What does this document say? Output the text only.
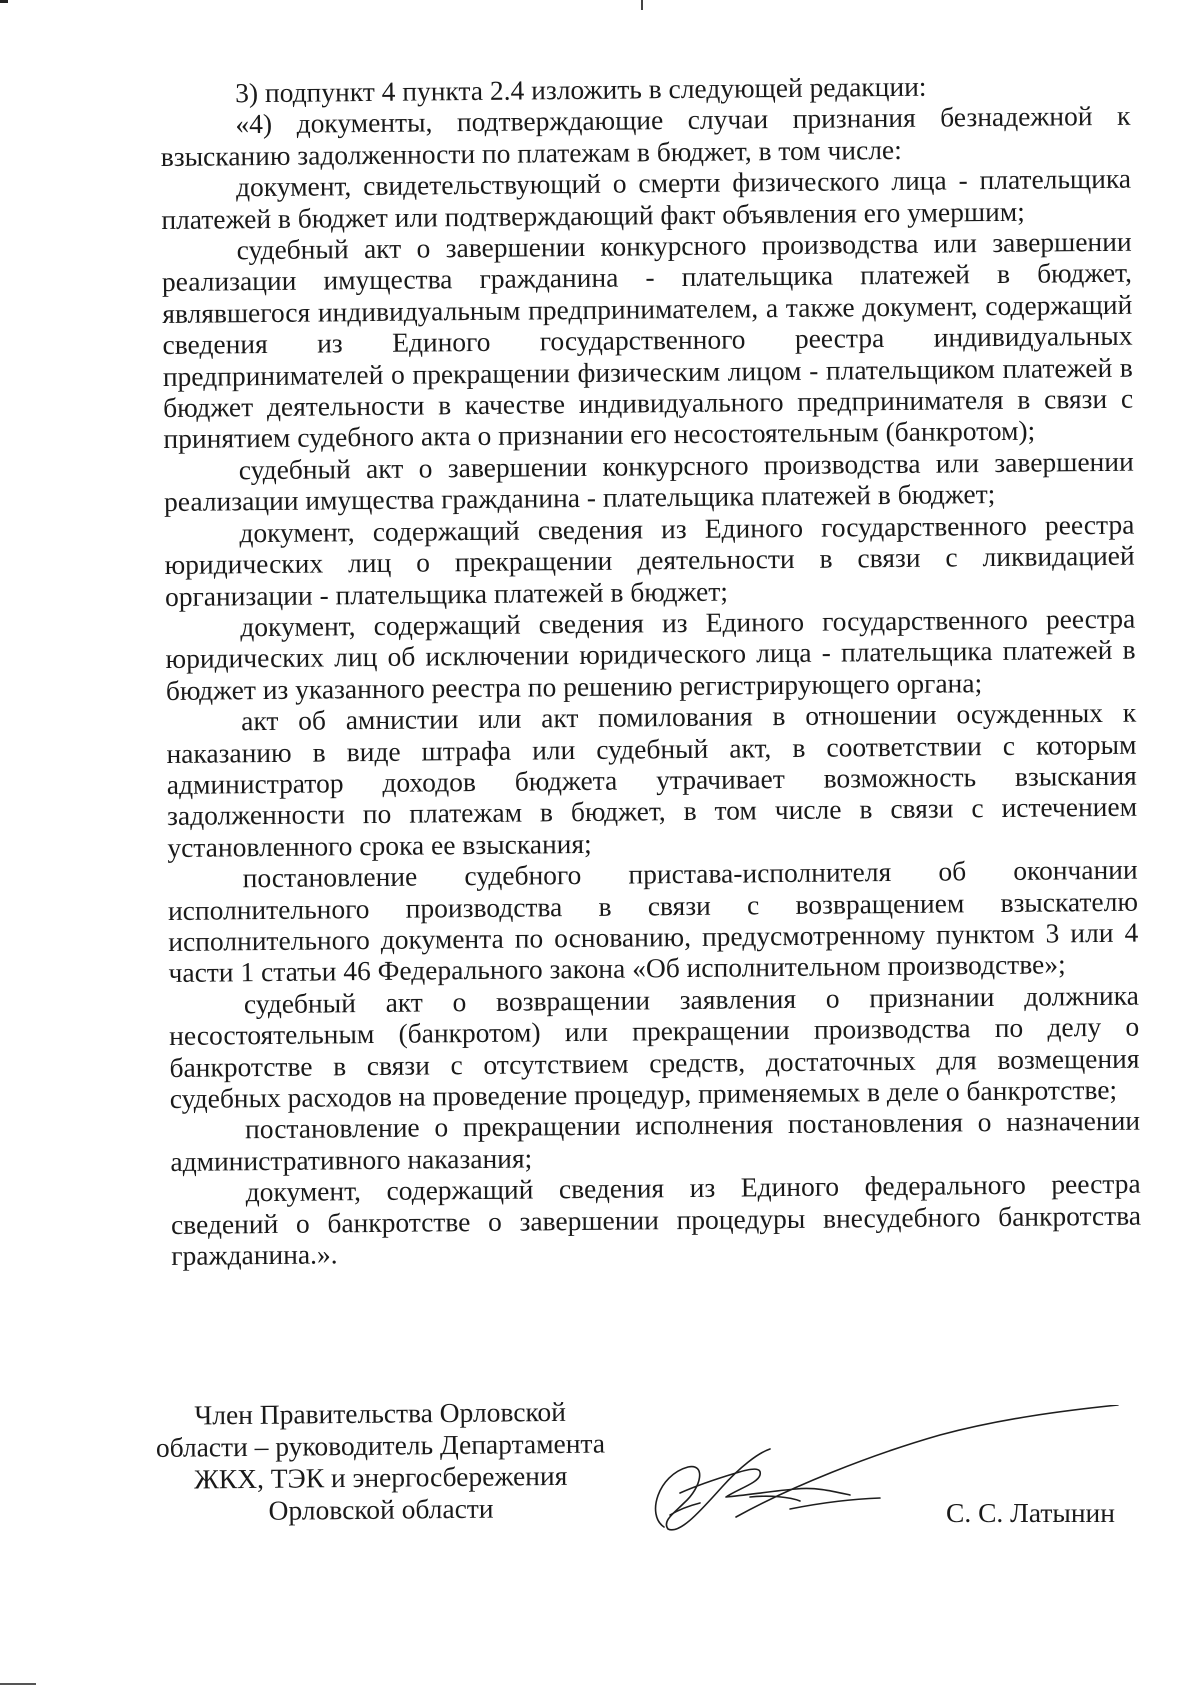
3) подпункт 4 пункта 2.4 изложить в следующей редакции:

«4) документы, подтверждающие случаи признания безнадежной к взысканию задолженности по платежам в бюджет, в том числе:

документ, свидетельствующий о смерти физического лица - плательщика платежей в бюджет или подтверждающий факт объявления его умершим;

судебный акт о завершении конкурсного производства или завершении реализации имущества гражданина - плательщика платежей в бюджет, являвшегося индивидуальным предпринимателем, а также документ, содержащий сведения из Единого государственного реестра индивидуальных предпринимателей о прекращении физическим лицом - плательщиком платежей в бюджет деятельности в качестве индивидуального предпринимателя в связи с принятием судебного акта о признании его несостоятельным (банкротом);

судебный акт о завершении конкурсного производства или завершении реализации имущества гражданина - плательщика платежей в бюджет;

документ, содержащий сведения из Единого государственного реестра юридических лиц о прекращении деятельности в связи с ликвидацией организации - плательщика платежей в бюджет;

документ, содержащий сведения из Единого государственного реестра юридических лиц об исключении юридического лица - плательщика платежей в бюджет из указанного реестра по решению регистрирующего органа;

акт об амнистии или акт помилования в отношении осужденных к наказанию в виде штрафа или судебный акт, в соответствии с которым администратор доходов бюджета утрачивает возможность взыскания задолженности по платежам в бюджет, в том числе в связи с истечением установленного срока ее взыскания;

постановление судебного пристава-исполнителя об окончании исполнительного производства в связи с возвращением взыскателю исполнительного документа по основанию, предусмотренному пунктом 3 или 4 части 1 статьи 46 Федерального закона «Об исполнительном производстве»;

судебный акт о возвращении заявления о признании должника несостоятельным (банкротом) или прекращении производства по делу о банкротстве в связи с отсутствием средств, достаточных для возмещения судебных расходов на проведение процедур, применяемых в деле о банкротстве;

постановление о прекращении исполнения постановления о назначении административного наказания;

документ, содержащий сведения из Единого федерального реестра сведений о банкротстве о завершении процедуры внесудебного банкротства гражданина.».

Член Правительства Орловской
области – руководитель Департамента
ЖКХ, ТЭК и энергосбережения
Орловской области	С. С. Латынин
